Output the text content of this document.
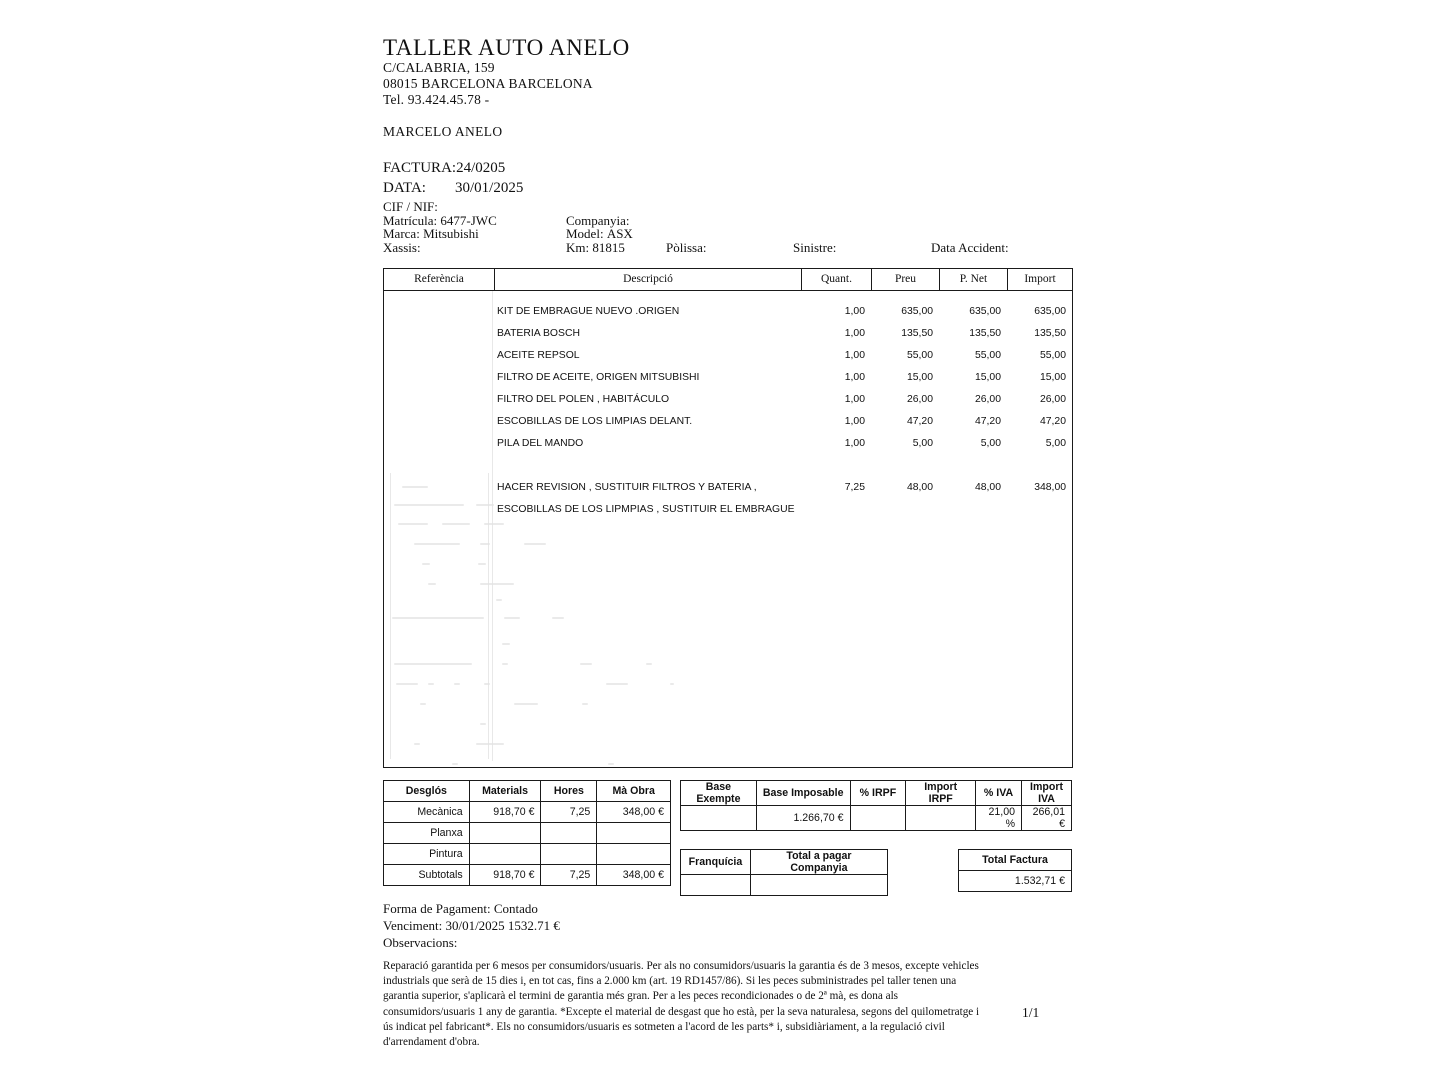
TALLER AUTO ANELO
C/CALABRIA, 159
08015 BARCELONA BARCELONA
Tel. 93.424.45.78 -
MARCELO ANELO
FACTURA:24/0205
DATA: 30/01/2025
CIF / NIF:
Matrícula: 6477-JWC	Companyia:
Marca: Mitsubishi	Model: ASX
Xassis:	Km: 81815	Pòlissa:	Sinistre:	Data Accident:
Referència	Descripció	Quant.	Preu	P. Net	Import
KIT DE EMBRAGUE NUEVO .ORIGEN	1,00	635,00	635,00	635,00
BATERIA BOSCH	1,00	135,50	135,50	135,50
ACEITE REPSOL	1,00	55,00	55,00	55,00
FILTRO DE ACEITE, ORIGEN MITSUBISHI	1,00	15,00	15,00	15,00
FILTRO DEL POLEN , HABITÁCULO	1,00	26,00	26,00	26,00
ESCOBILLAS DE LOS LIMPIAS DELANT.	1,00	47,20	47,20	47,20
PILA DEL MANDO	1,00	5,00	5,00	5,00
HACER REVISION , SUSTITUIR FILTROS Y BATERIA ,	7,25	48,00	48,00	348,00
ESCOBILLAS DE LOS LIPMPIAS , SUSTITUIR EL EMBRAGUE
Desglós	Materials	Hores	Mà Obra
Mecànica	918,70 €	7,25	348,00 €
Planxa			
Pintura			
Subtotals	918,70 €	7,25	348,00 €
Base Exempte	Base Imposable	% IRPF	Import IRPF	% IVA	Import IVA
	1.266,70 €			21,00 %	266,01 €
Franquícia	Total a pagar Companyia

Total Factura
1.532,71 €
Forma de Pagament: Contado
Venciment: 30/01/2025 1532.71 €
Observacions:
Reparació garantida per 6 mesos per consumidors/usuaris. Per als no consumidors/usuaris la garantia és de 3 mesos, excepte vehicles industrials que serà de 15 dies i, en tot cas, fins a 2.000 km (art. 19 RD1457/86). Si les peces subministrades pel taller tenen una garantia superior, s'aplicarà el termini de garantia més gran. Per a les peces recondicionades o de 2ª mà, es dona als consumidors/usuaris 1 any de garantia. *Excepte el material de desgast que ho està, per la seva naturalesa, segons del quilometratge i ús indicat pel fabricant*. Els no consumidors/usuaris es sotmeten a l'acord de les parts* i, subsidiàriament, a la regulació civil d'arrendament d'obra.
1/1
